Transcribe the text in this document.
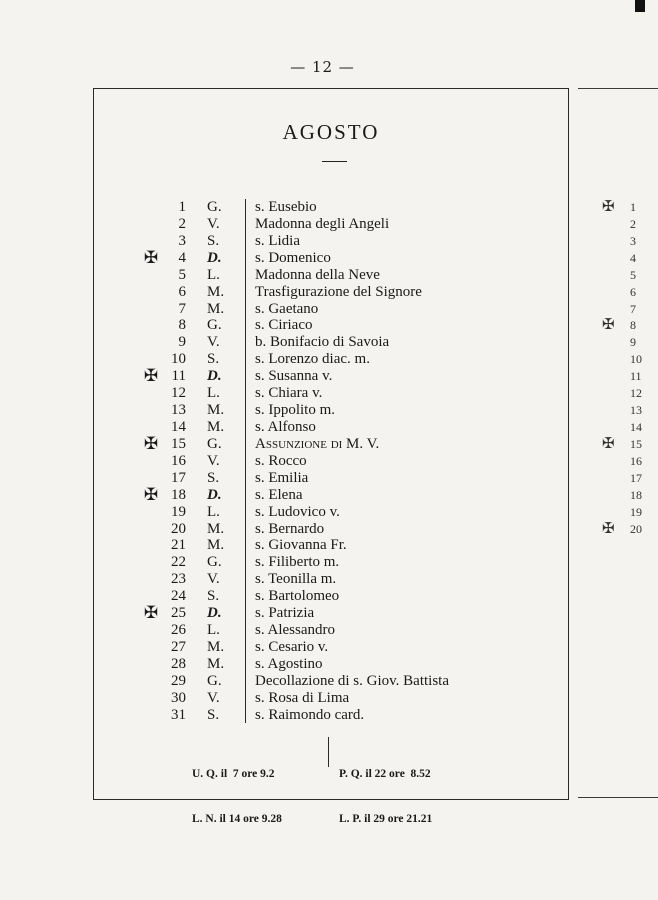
— 12 —
AGOSTO
1 G. s. Eusebio
2 V. Madonna degli Angeli
3 S. s. Lidia
✠	4 D. s. Domenico
5 L. Madonna della Neve
6 M. Trasfigurazione del Signore
7 M. s. Gaetano
8 G. s. Ciriaco
9 V. b. Bonifacio di Savoia
10 S. s. Lorenzo diac. m.
✠ 11 D. s. Susanna v.
12 L. s. Chiara v.
13 M. s. Ippolito m.
14 M. s. Alfonso
✠ 15 G. Assunzione di M. V.
16 V. s. Rocco
17 S. s. Emilia
✠ 18 D. s. Elena
19 L. s. Ludovico v.
20 M. s. Bernardo
21 M. s. Giovanna Fr.
22 G. s. Filiberto m.
23 V. s. Teonilla m.
24 S. s. Bartolomeo
✠ 25 D. s. Patrizia
26 L. s. Alessandro
27 M. s. Cesario v.
28 M. s. Agostino
29 G. Decollazione di s. Giov. Battista
30 V. s. Rosa di Lima
31 S. s. Raimondo card.

U. Q. il  7 ore 9.2

L. N. il 14 ore 9.28

P. Q. il 22 ore  8.52

L. P. il 29 ore 21.21

✠ 1
2
3
4
5
6
7
✠ 8
9
10
11
12
13
14
✠ 15
16
17
18
19
✠ 20
